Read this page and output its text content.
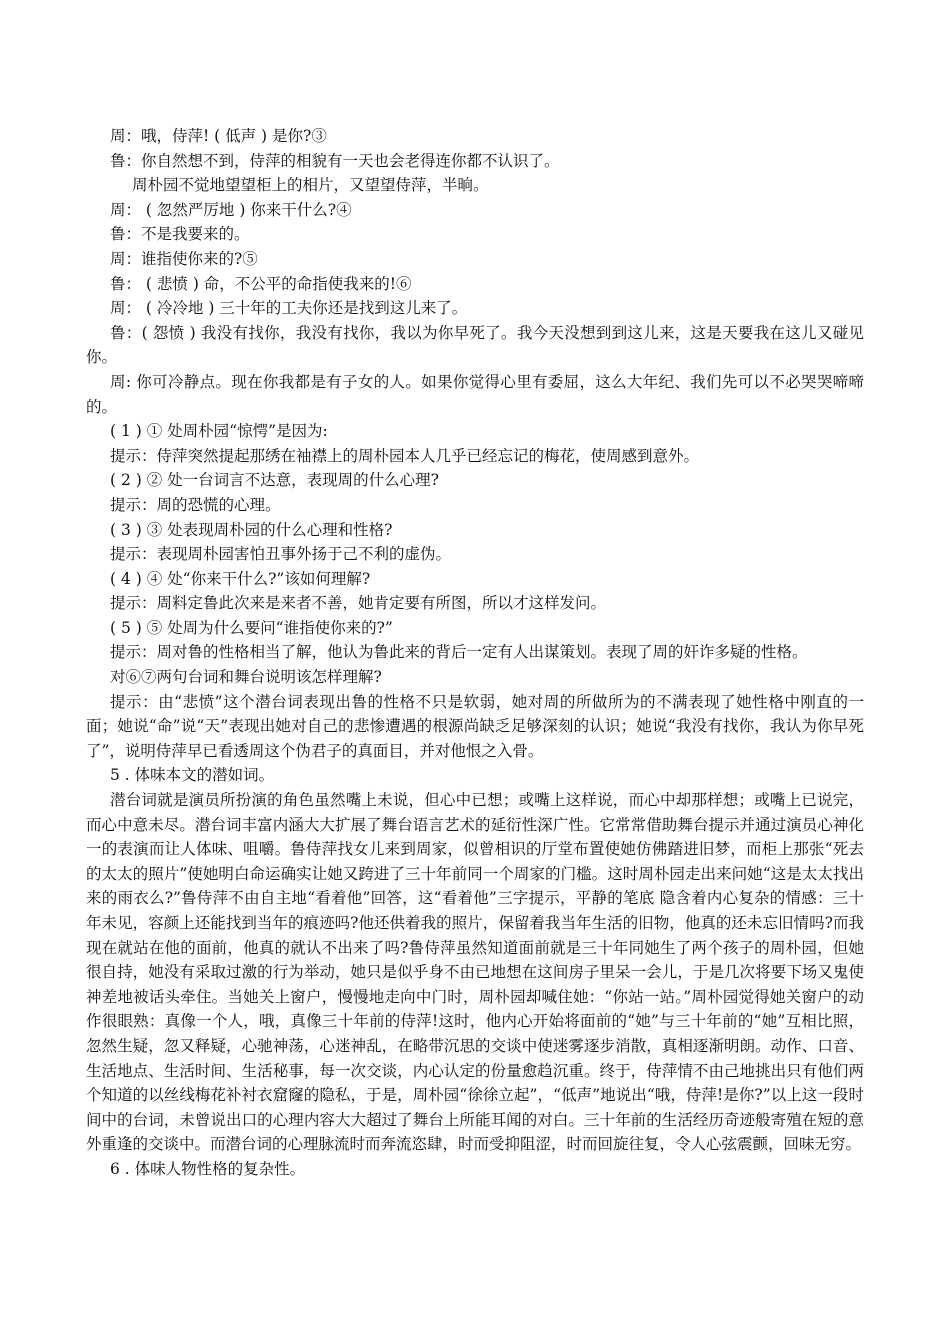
周：哦，侍萍! ( 低声 ) 是你?③

鲁：你自然想不到，侍萍的相貌有一天也会老得连你都不认识了。

周朴园不觉地望望柜上的相片，又望望侍萍，半晌。

周： ( 忽然严厉地 ) 你来干什么?④

鲁：不是我要来的。

周：谁指使你来的?⑤

鲁： ( 悲愤 ) 命，不公平的命指使我来的!⑥

周： ( 冷冷地 ) 三十年的工夫你还是找到这儿来了。

鲁：( 怨愤 ) 我没有找你，我没有找你，我以为你早死了。我今天没想到到这儿来，这是天要我在这儿又碰见你。

周: 你可冷静点。现在你我都是有子女的人。如果你觉得心里有委屈，这么大年纪、我们先可以不必哭哭啼啼的。

( 1 ) ① 处周朴园“惊愕”是因为:

提示：侍萍突然提起那绣在袖襟上的周朴园本人几乎已经忘记的梅花，使周感到意外。

( 2 ) ② 处一台词言不达意，表现周的什么心理?

提示：周的恐慌的心理。

( 3 ) ③ 处表现周朴园的什么心理和性格?

提示：表现周朴园害怕丑事外扬于己不利的虚伪。

( 4 ) ④ 处“你来干什么?”该如何理解?

提示：周料定鲁此次来是来者不善，她肯定要有所图，所以才这样发问。

( 5 ) ⑤ 处周为什么要问“谁指使你来的?”

提示：周对鲁的性格相当了解，他认为鲁此来的背后一定有人出谋策划。表现了周的奸诈多疑的性格。

对⑥⑦两句台词和舞台说明该怎样理解?

提示：由“悲愤”这个潜台词表现出鲁的性格不只是软弱，她对周的所做所为的不满表现了她性格中刚直的一面；她说“命”说“天”表现出她对自己的悲惨遭遇的根源尚缺乏足够深刻的认识；她说“我没有找你，我认为你早死了”，说明侍萍早已看透周这个伪君子的真面目，并对他恨之入骨。

5 . 体味本文的潜如词。

潜台词就是演员所扮演的角色虽然嘴上未说，但心中已想；或嘴上这样说，而心中却那样想；或嘴上已说完，而心中意未尽。潜台词丰富内涵大大扩展了舞台语言艺术的延衍性深广性。它常常借助舞台提示并通过演员心神化一的表演而让人体味、咀嚼。鲁侍萍找女儿来到周家，似曾相识的厅堂布置使她仿佛踏进旧梦，而柜上那张“死去的太太的照片”使她明白命运确实让她又跨进了三十年前同一个周家的门槛。这时周朴园走出来问她“这是太太找出来的雨衣么?”鲁侍萍不由自主地“看着他”回答，这“看着他”三字提示，平静的笔底 隐含着内心复杂的情感：三十年未见，容颜上还能找到当年的痕迹吗?他还供着我的照片，保留着我当年生活的旧物，他真的还未忘旧情吗?而我现在就站在他的面前，他真的就认不出来了吗?鲁侍萍虽然知道面前就是三十年同她生了两个孩子的周朴园，但她很自持，她没有采取过激的行为举动，她只是似乎身不由已地想在这间房子里呆一会儿，于是几次将要下场又鬼使神差地被话头牵住。当她关上窗户，慢慢地走向中门时，周朴园却喊住她：“你站一站。”周朴园觉得她关窗户的动作很眼熟：真像一个人，哦，真像三十年前的侍萍!这时，他内心开始将面前的“她”与三十年前的“她”互相比照，忽然生疑，忽又释疑，心驰神荡，心迷神乱，在略带沉思的交谈中使迷雾逐步消散，真相逐渐明朗。动作、口音、生活地点、生活时间、生活秘事，每一次交谈，内心认定的份量愈趋沉重。终于，侍萍情不由己地挑出只有他们两个知道的以丝线梅花补衬衣窟窿的隐私，于是，周朴园“徐徐立起”，“低声”地说出“哦，侍萍!是你?”以上这一段时间中的台词，未曾说出口的心理内容大大超过了舞台上所能耳闻的对白。三十年前的生活经历奇迹般寄殖在短的意外重逢的交谈中。而潜台词的心理脉流时而奔流恣肆，时而受抑阻涩，时而回旋往复，令人心弦震颤，回味无穷。

6 . 体味人物性格的复杂性。
